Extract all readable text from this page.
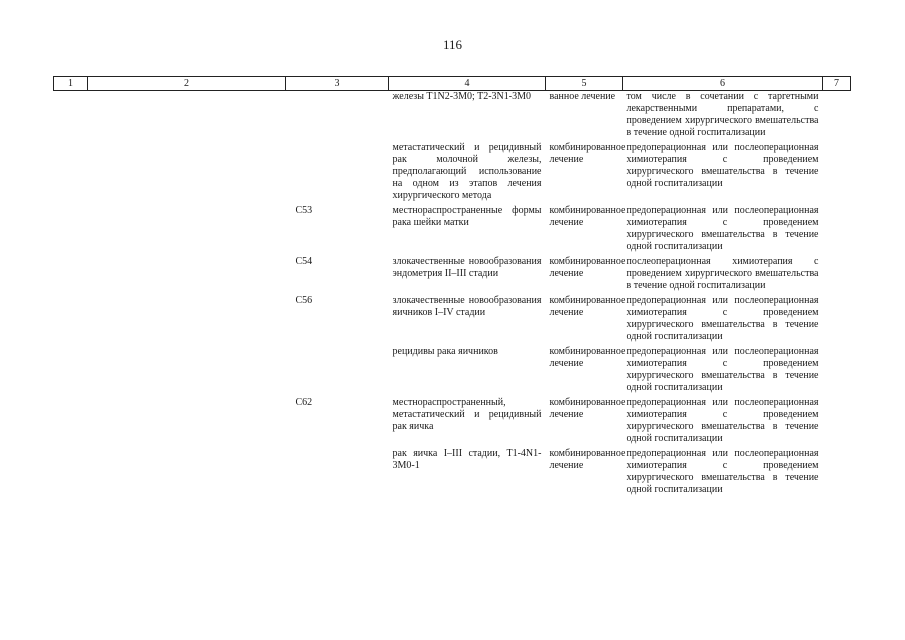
116
1	2	3	4	5	6	7
			железы T1N2-3M0; T2-3N1-3M0	ванное лечение	том числе в сочетании с таргетными лекарственными препаратами, с проведением хирургического вмешательства в течение одной госпитализации	
			метастатический и рецидивный рак молочной железы, предполагающий использование на одном из этапов лечения хирургического метода	комбинированное лечение	предоперационная или послеоперационная химиотерапия с проведением хирургического вмешательства в течение одной госпитализации	
		C53	местнораспространенные формы рака шейки матки	комбинированное лечение	предоперационная или послеоперационная химиотерапия с проведением хирургического вмешательства в течение одной госпитализации	
		C54	злокачественные новообразования эндометрия II–III стадии	комбинированное лечение	послеоперационная химиотерапия с проведением хирургического вмешательства в течение одной госпитализации	
		C56	злокачественные новообразования яичников I–IV стадии	комбинированное лечение	предоперационная или послеоперационная химиотерапия с проведением хирургического вмешательства в течение одной госпитализации	
			рецидивы рака яичников	комбинированное лечение	предоперационная или послеоперационная химиотерапия с проведением хирургического вмешательства в течение одной госпитализации	
		C62	местнораспространенный, метастатический и рецидивный рак яичка	комбинированное лечение	предоперационная или послеоперационная химиотерапия с проведением хирургического вмешательства в течение одной госпитализации	
			рак яичка I–III стадии, T1-4N1-3M0-1	комбинированное лечение	предоперационная или послеоперационная химиотерапия с проведением хирургического вмешательства в течение одной госпитализации	
